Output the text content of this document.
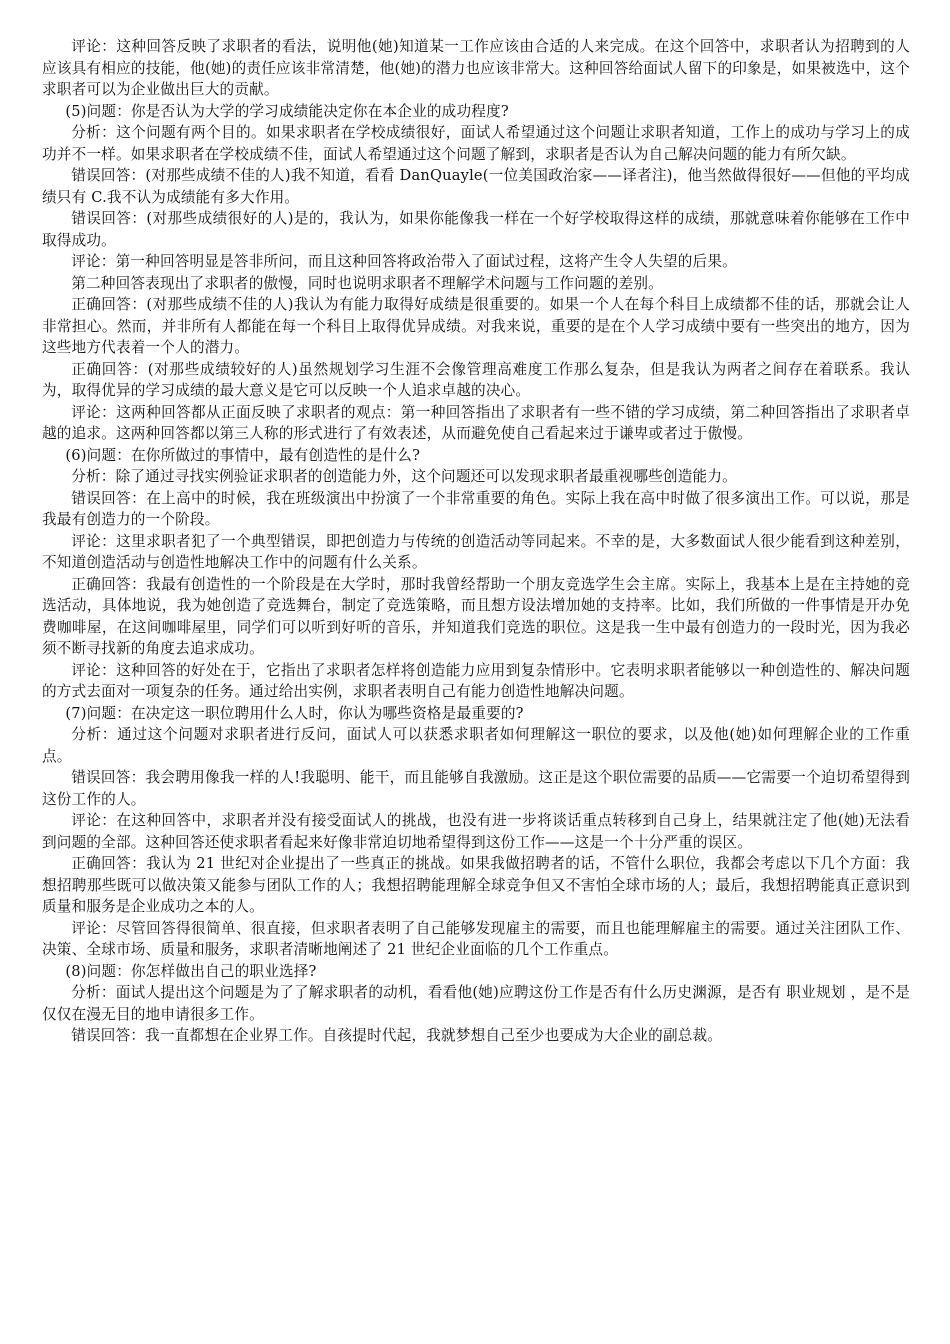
评论：这种回答反映了求职者的看法，说明他(她)知道某一工作应该由合适的人来完成。在这个回答中，求职者认为招聘到的人应该具有相应的技能，他(她)的责任应该非常清楚，他(她)的潜力也应该非常大。这种回答给面试人留下的印象是，如果被选中，这个求职者可以为企业做出巨大的贡献。

(5)问题：你是否认为大学的学习成绩能决定你在本企业的成功程度?

分析：这个问题有两个目的。如果求职者在学校成绩很好，面试人希望通过这个问题让求职者知道，工作上的成功与学习上的成功并不一样。如果求职者在学校成绩不佳，面试人希望通过这个问题了解到，求职者是否认为自己解决问题的能力有所欠缺。

错误回答：(对那些成绩不佳的人)我不知道，看看 DanQuayle(一位美国政治家——译者注)，他当然做得很好——但他的平均成绩只有 C.我不认为成绩能有多大作用。

错误回答：(对那些成绩很好的人)是的，我认为，如果你能像我一样在一个好学校取得这样的成绩，那就意味着你能够在工作中取得成功。

评论：第一种回答明显是答非所问，而且这种回答将政治带入了面试过程，这将产生令人失望的后果。

第二种回答表现出了求职者的傲慢，同时也说明求职者不理解学术问题与工作问题的差别。

正确回答：(对那些成绩不佳的人)我认为有能力取得好成绩是很重要的。如果一个人在每个科目上成绩都不佳的话，那就会让人非常担心。然而，并非所有人都能在每一个科目上取得优异成绩。对我来说，重要的是在个人学习成绩中要有一些突出的地方，因为这些地方代表着一个人的潜力。

正确回答：(对那些成绩较好的人)虽然规划学习生涯不会像管理高难度工作那么复杂，但是我认为两者之间存在着联系。我认为，取得优异的学习成绩的最大意义是它可以反映一个人追求卓越的决心。

评论：这两种回答都从正面反映了求职者的观点：第一种回答指出了求职者有一些不错的学习成绩，第二种回答指出了求职者卓越的追求。这两种回答都以第三人称的形式进行了有效表述，从而避免使自己看起来过于谦卑或者过于傲慢。

(6)问题：在你所做过的事情中，最有创造性的是什么?

分析：除了通过寻找实例验证求职者的创造能力外，这个问题还可以发现求职者最重视哪些创造能力。

错误回答：在上高中的时候，我在班级演出中扮演了一个非常重要的角色。实际上我在高中时做了很多演出工作。可以说，那是我最有创造力的一个阶段。

评论：这里求职者犯了一个典型错误，即把创造力与传统的创造活动等同起来。不幸的是，大多数面试人很少能看到这种差别，不知道创造活动与创造性地解决工作中的问题有什么关系。

正确回答：我最有创造性的一个阶段是在大学时，那时我曾经帮助一个朋友竞选学生会主席。实际上，我基本上是在主持她的竞选活动，具体地说，我为她创造了竞选舞台，制定了竞选策略，而且想方设法增加她的支持率。比如，我们所做的一件事情是开办免费咖啡屋，在这间咖啡屋里，同学们可以听到好听的音乐，并知道我们竞选的职位。这是我一生中最有创造力的一段时光，因为我必须不断寻找新的角度去追求成功。

评论：这种回答的好处在于，它指出了求职者怎样将创造能力应用到复杂情形中。它表明求职者能够以一种创造性的、解决问题的方式去面对一项复杂的任务。通过给出实例，求职者表明自己有能力创造性地解决问题。

(7)问题：在决定这一职位聘用什么人时，你认为哪些资格是最重要的?

分析：通过这个问题对求职者进行反问，面试人可以获悉求职者如何理解这一职位的要求，以及他(她)如何理解企业的工作重点。

错误回答：我会聘用像我一样的人!我聪明、能干，而且能够自我激励。这正是这个职位需要的品质——它需要一个迫切希望得到这份工作的人。

评论：在这种回答中，求职者并没有接受面试人的挑战，也没有进一步将谈话重点转移到自己身上，结果就注定了他(她)无法看到问题的全部。这种回答还使求职者看起来好像非常迫切地希望得到这份工作——这是一个十分严重的误区。

正确回答：我认为 21 世纪对企业提出了一些真正的挑战。如果我做招聘者的话，不管什么职位，我都会考虑以下几个方面：我想招聘那些既可以做决策又能参与团队工作的人；我想招聘能理解全球竞争但又不害怕全球市场的人；最后，我想招聘能真正意识到质量和服务是企业成功之本的人。

评论：尽管回答得很简单、很直接，但求职者表明了自己能够发现雇主的需要，而且也能理解雇主的需要。通过关注团队工作、决策、全球市场、质量和服务，求职者清晰地阐述了 21 世纪企业面临的几个工作重点。

(8)问题：你怎样做出自己的职业选择?

分析：面试人提出这个问题是为了了解求职者的动机，看看他(她)应聘这份工作是否有什么历史渊源，是否有 职业规划 ，是不是仅仅在漫无目的地申请很多工作。

错误回答：我一直都想在企业界工作。自孩提时代起，我就梦想自己至少也要成为大企业的副总裁。
